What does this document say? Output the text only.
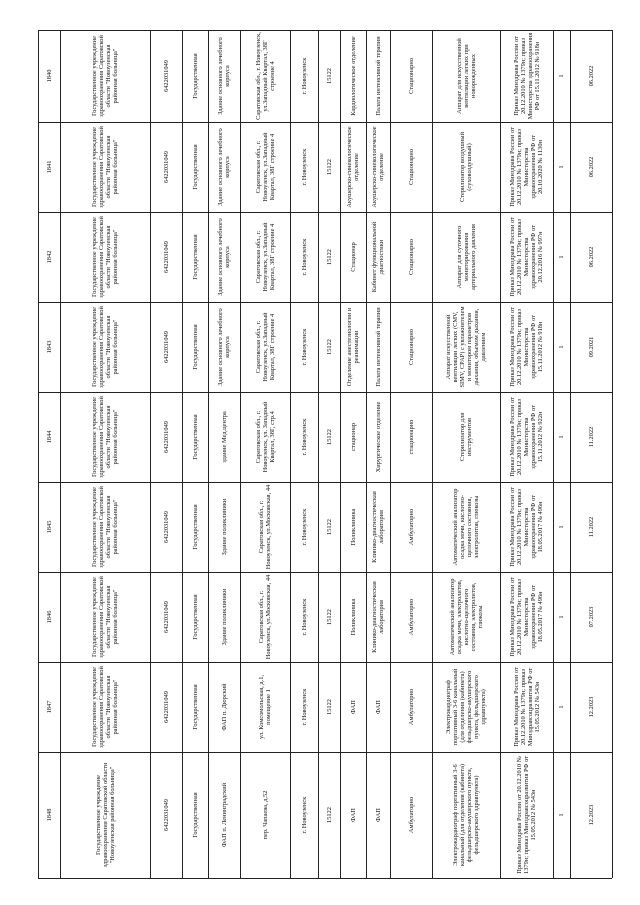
1840
1841
1842
1843
1844
1845
1846
1847
1848
Государственное учреждение здравоохранения Саратовской области "Новоузенская районная больница"
Государственное учреждение здравоохранения Саратовской области "Новоузенская районная больница"
Государственное учреждение здравоохранения Саратовской области "Новоузенская районная больница"
Государственное учреждение здравоохранения Саратовской области "Новоузенская районная больница"
Государственное учреждение здравоохранения Саратовской области "Новоузенская районная больница"
Государственное учреждение здравоохранения Саратовской области "Новоузенская районная больница"
Государственное учреждение здравоохранения Саратовской области "Новоузенская районная больница"
Государственное учреждение здравоохранения Саратовской области "Новоузенская районная больница"
Государственное учреждение здравоохранения Саратовской области "Новоузенская районная больница"
6422031049
6422031049
6422031049
6422031049
6422031049
6422031049
6422031049
6422031049
6422031049
Государственная
Государственная
Государственная
Государственная
Государственная
Государственная
Государственная
Государственная
Государственная
Здание основного лечебного корпуса
Здание основного лечебного корпуса
Здание основного лечебного корпуса
Здание основного лечебного корпуса
здание Мед.центра
Здание поликлиники
Здание поликлиники
ФАП п. Дюрский
ФАП п. Ленинградский
Саратовская обл., г. Новоузенск, ул.Западный Квартал, 38Г строение 4
Саратовская обл., г. Новоузенск, ул.Западный Квартал, 38Г строение 4
Саратовская обл., г. Новоузенск, ул.Западный Квартал, 38Г строение 4
Саратовская обл., г. Новоузенск, ул.Западный Квартал, 38Г строение 4
Саратовская обл., г. Новоузенск, ул. Западный Квартал, 38Г, стр.4
Саратовская обл., г. Новоузенск, ул.Московская, 44
Саратовская обл., г. Новоузенск, ул.Московская, 44
ул. Комсомольская, д.1, помещение 1
пер. Чапаева, д.52
г. Новоузенск
г. Новоузенск
г. Новоузенск
г. Новоузенск
г. Новоузенск
г. Новоузенск
г. Новоузенск
г. Новоузенск
г. Новоузенск
15122
15122
15122
15122
15122
15122
15122
15122
15122
Кардиологическое отделение
Акушерско-гинекологическое отделение
Стационар
Отделение анестезиологии и реанимации
стационар
Поликлиника
Поликлиника
ФАП
ФАП
Палата интенсивной терапии
Акушерско-гинекологическое отделение
Кабинет функциональной диагностики
Палата интенсивной терапии
Хирургическое отделение
Клинико-диагностическая лаборатория
Клинико-диагностическая лаборатория
ФАП
ФАП
Стационарно
Стационарно
Стационарно
Стационарно
стационарно
Амбулаторно
Амбулаторно
Амбулаторно
Амбулаторно
Аппарат для искусственной вентиляции легких при новорожденных
Стерилизатор воздушный (суховоздушный)
Аппарат для суточного мониторирования артериального давления
Аппарат искусственной вентиляции легких (CMV, SIMV, CPAP) с увлажнителем и монитором параметров дыхания, объемом дыхания, давлением
Стерилизатор для инструментов
Автоматический анализатор осадка мочи, кислотно-щелочного состояния, электролитов, глюкозы
Автоматический анализатор осадка мочи, электролитов, кислотно-щелочного состояния, электролитов, глюкозы
Электрокардиограф портативный 3-6 канальный (для отделения (кабинета) фельдшерско-акушерского пункта, фельдшерского здравпункта)
Электрокардиограф портативный 3-6 канальный (для отделения (кабинета) фельдшерско-акушерского пункта, фельдшерского здравпункта)
Приказ Минздрава России от 20.12.2010 № 1379н; приказ Министерства здравоохранения РФ от 15.11.2012 № 918н
Приказ Минздрава России от 20.12.2010 № 1379н; приказ Министерства здравоохранения РФ от 20.10.2020 № 1130н
Приказ Минздрава России от 20.12.2010 № 1379н; приказ Министерства здравоохранения РФ от 20.12.2016 № 997н
Приказ Минздрава России от 20.12.2010 № 1379н; приказ Министерства здравоохранения РФ от 15.11.2012 № 918н
Приказ Минздрава России от 20.12.2010 № 1379н; приказ Министерства здравоохранения РФ от 15.11.2012 № 922н
Приказ Минздрава России от 20.12.2010 № 1379н; приказ Министерства здравоохранения РФ от 18.05.2017 № 496н
Приказ Минздрава России от 20.12.2010 № 1379н; приказ Министерства здравоохранения РФ от 18.05.2017 № 496н
Приказ Минздрава России от 20.12.2010 № 1379н; приказ Минздравсоцразвития РФ от 15.05.2012 № 543н
Приказ Минздрава России от 20.12.2010 № 1379н; приказ Минздравсоцразвития РФ от 15.05.2012 № 543н
1
1
1
1
1
1
1
1
1
06.2022
06.2022
06.2022
09.2021
11.2022
11.2022
07.2023
12.2023
12.2023
